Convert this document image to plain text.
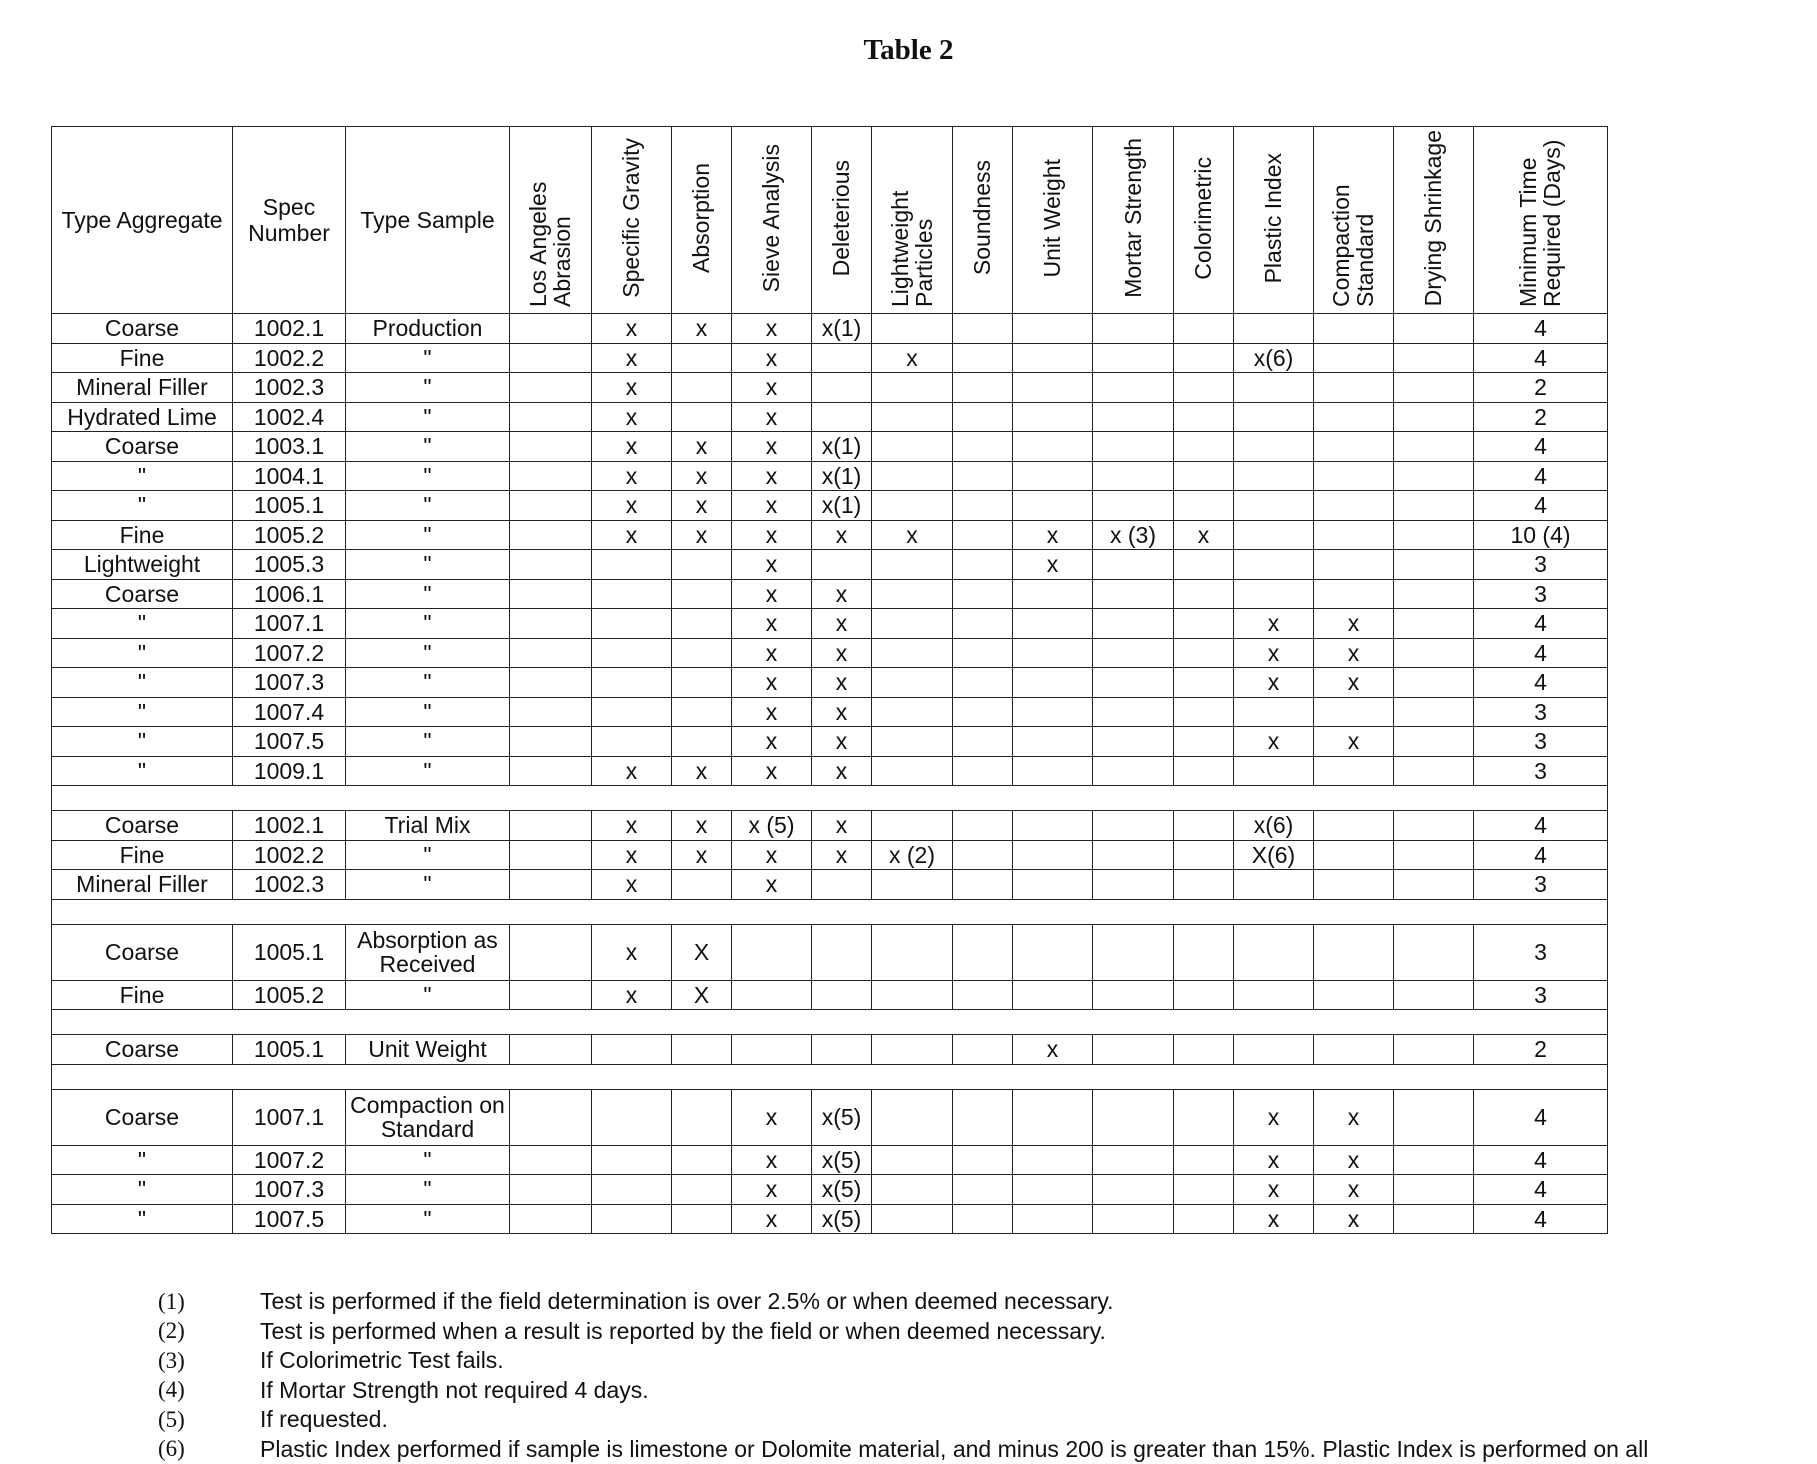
Table 2
Type Aggregate	Spec Number	Type Sample	Los Angeles Abrasion	Specific Gravity	Absorption	Sieve Analysis	Deleterious	Lightweight Particles	Soundness	Unit Weight	Mortar Strength	Colorimetric	Plastic Index	Compaction Standard	Drying Shrinkage	Minimum Time Required (Days)
Coarse	1002.1	Production		x	x	x	x(1)									4
Fine	1002.2	"		x		x		x					x(6)			4
Mineral Filler	1002.3	"		x		x										2
Hydrated Lime	1002.4	"		x		x										2
Coarse	1003.1	"		x	x	x	x(1)									4
"	1004.1	"		x	x	x	x(1)									4
"	1005.1	"		x	x	x	x(1)									4
Fine	1005.2	"		x	x	x	x	x		x	x (3)	x				10 (4)
Lightweight	1005.3	"				x				x						3
Coarse	1006.1	"				x	x									3
"	1007.1	"				x	x						x	x		4
"	1007.2	"				x	x						x	x		4
"	1007.3	"				x	x						x	x		4
"	1007.4	"				x	x									3
"	1007.5	"				x	x						x	x		3
"	1009.1	"		x	x	x	x									3

Coarse	1002.1	Trial Mix		x	x	x (5)	x						x(6)			4
Fine	1002.2	"		x	x	x	x	x (2)					X(6)			4
Mineral Filler	1002.3	"		x		x										3

Coarse	1005.1	Absorption as Received		x	X											3
Fine	1005.2	"		x	X											3

Coarse	1005.1	Unit Weight								x						2

Coarse	1007.1	Compaction on Standard				x	x(5)						x	x		4
"	1007.2	"				x	x(5)						x	x		4
"	1007.3	"				x	x(5)						x	x		4
"	1007.5	"				x	x(5)						x	x		4
(1)	Test is performed if the field determination is over 2.5% or when deemed necessary.
(2)	Test is performed when a result is reported by the field or when deemed necessary.
(3)	If Colorimetric Test fails.
(4)	If Mortar Strength not required 4 days.
(5)	If requested.
(6)	Plastic Index performed if sample is limestone or Dolomite material, and minus 200 is greater than 15%. Plastic Index is performed on all
